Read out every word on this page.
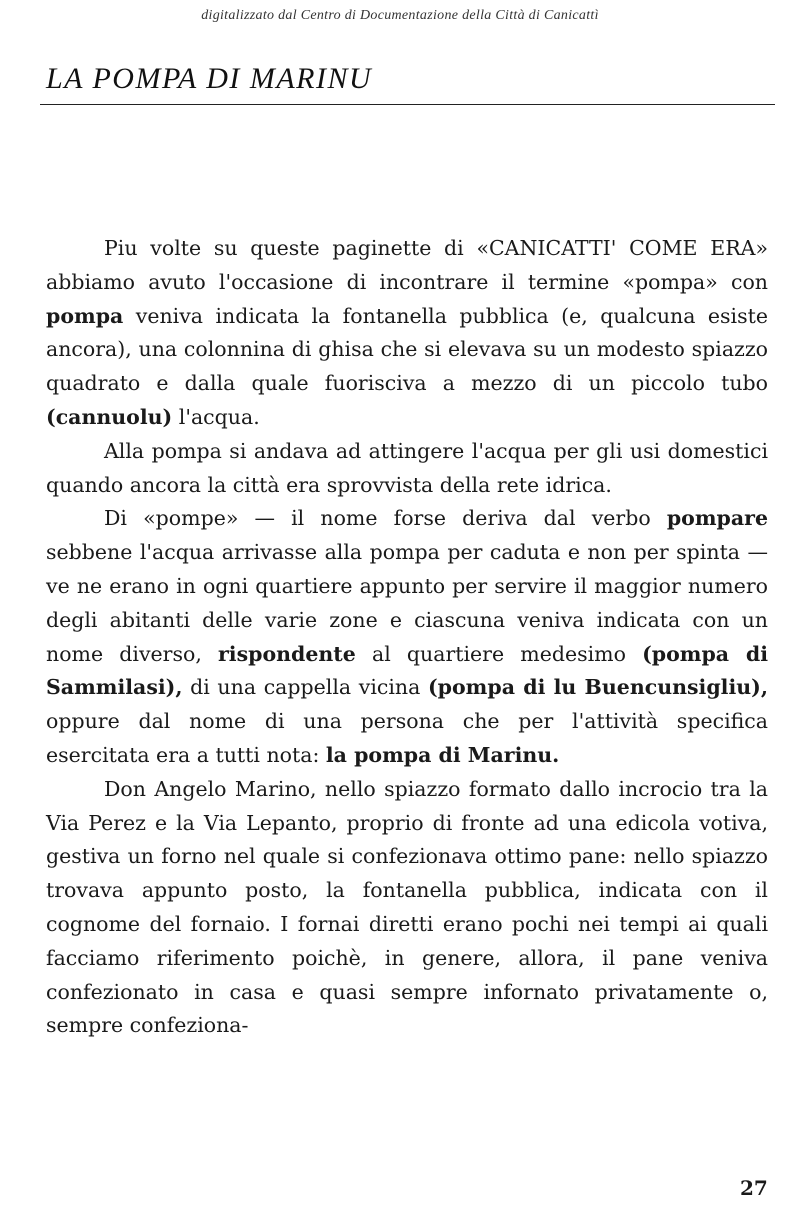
digitalizzato dal Centro di Documentazione della Città di Canicattì
LA POMPA DI MARINU

Piu volte su queste paginette di «CANICATTI' COME ERA» abbiamo avuto l'occasione di incontrare il termine «pompa» con pompa veniva indicata la fontanella pubblica (e, qualcuna esiste ancora), una colonnina di ghisa che si elevava su un modesto spiazzo quadrato e dalla quale fuorisciva a mezzo di un piccolo tubo (cannuolu) l'acqua.

Alla pompa si andava ad attingere l'acqua per gli usi domestici quando ancora la città era sprovvista della rete idrica.

Di «pompe» — il nome forse deriva dal verbo pompare sebbene l'acqua arrivasse alla pompa per caduta e non per spinta — ve ne erano in ogni quartiere appunto per servire il maggior numero degli abitanti delle varie zone e ciascuna veniva indicata con un nome diverso, rispondente al quartiere medesimo (pompa di Sammilasi), di una cappella vicina (pompa di lu Buencunsigliu), oppure dal nome di una persona che per l'attività specifica esercitata era a tutti nota: la pompa di Marinu.

Don Angelo Marino, nello spiazzo formato dallo incrocio tra la Via Perez e la Via Lepanto, proprio di fronte ad una edicola votiva, gestiva un forno nel quale si confezionava ottimo pane: nello spiazzo trovava appunto posto, la fontanella pubblica, indicata con il cognome del fornaio. I fornai diretti erano pochi nei tempi ai quali facciamo riferimento poichè, in genere, allora, il pane veniva confezionato in casa e quasi sempre infornato privatamente o, sempre confeziona-

27
